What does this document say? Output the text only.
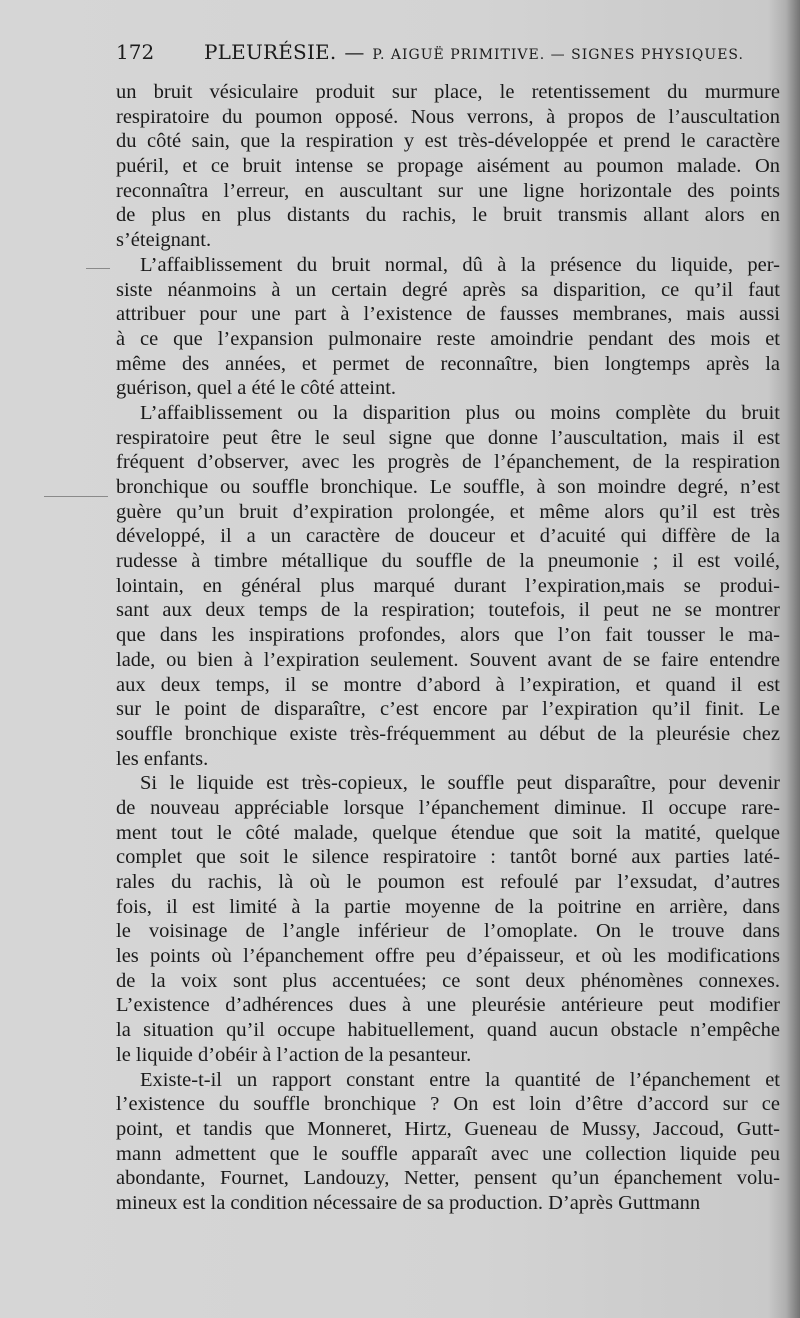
172	PLEURÉSIE. — P. AIGUË PRIMITIVE. — SIGNES PHYSIQUES.
un bruit vésiculaire produit sur place, le retentissement du murmure
respiratoire du poumon opposé. Nous verrons, à propos de l’auscultation
du côté sain, que la respiration y est très-développée et prend le caractère
puéril, et ce bruit intense se propage aisément au poumon malade. On
reconnaîtra l’erreur, en auscultant sur une ligne horizontale des points
de plus en plus distants du rachis, le bruit transmis allant alors en
s’éteignant.
L’affaiblissement du bruit normal, dû à la présence du liquide, per-
siste néanmoins à un certain degré après sa disparition, ce qu’il faut
attribuer pour une part à l’existence de fausses membranes, mais aussi
à ce que l’expansion pulmonaire reste amoindrie pendant des mois et
même des années, et permet de reconnaître, bien longtemps après la
guérison, quel a été le côté atteint.
L’affaiblissement ou la disparition plus ou moins complète du bruit
respiratoire peut être le seul signe que donne l’auscultation, mais il est
fréquent d’observer, avec les progrès de l’épanchement, de la respiration
bronchique ou souffle bronchique. Le souffle, à son moindre degré, n’est
guère qu’un bruit d’expiration prolongée, et même alors qu’il est très
développé, il a un caractère de douceur et d’acuité qui diffère de la
rudesse à timbre métallique du souffle de la pneumonie ; il est voilé,
lointain, en général plus marqué durant l’expiration,mais se produi-
sant aux deux temps de la respiration; toutefois, il peut ne se montrer
que dans les inspirations profondes, alors que l’on fait tousser le ma-
lade, ou bien à l’expiration seulement. Souvent avant de se faire entendre
aux deux temps, il se montre d’abord à l’expiration, et quand il est
sur le point de disparaître, c’est encore par l’expiration qu’il finit. Le
souffle bronchique existe très-fréquemment au début de la pleurésie chez
les enfants.
Si le liquide est très-copieux, le souffle peut disparaître, pour devenir
de nouveau appréciable lorsque l’épanchement diminue. Il occupe rare-
ment tout le côté malade, quelque étendue que soit la matité, quelque
complet que soit le silence respiratoire : tantôt borné aux parties laté-
rales du rachis, là où le poumon est refoulé par l’exsudat, d’autres
fois, il est limité à la partie moyenne de la poitrine en arrière, dans
le voisinage de l’angle inférieur de l’omoplate. On le trouve dans
les points où l’épanchement offre peu d’épaisseur, et où les modifications
de la voix sont plus accentuées; ce sont deux phénomènes connexes.
L’existence d’adhérences dues à une pleurésie antérieure peut modifier
la situation qu’il occupe habituellement, quand aucun obstacle n’empêche
le liquide d’obéir à l’action de la pesanteur.
Existe-t-il un rapport constant entre la quantité de l’épanchement et
l’existence du souffle bronchique ? On est loin d’être d’accord sur ce
point, et tandis que Monneret, Hirtz, Gueneau de Mussy, Jaccoud, Gutt-
mann admettent que le souffle apparaît avec une collection liquide peu
abondante, Fournet, Landouzy, Netter, pensent qu’un épanchement volu-
mineux est la condition nécessaire de sa production. D’après Guttmann
